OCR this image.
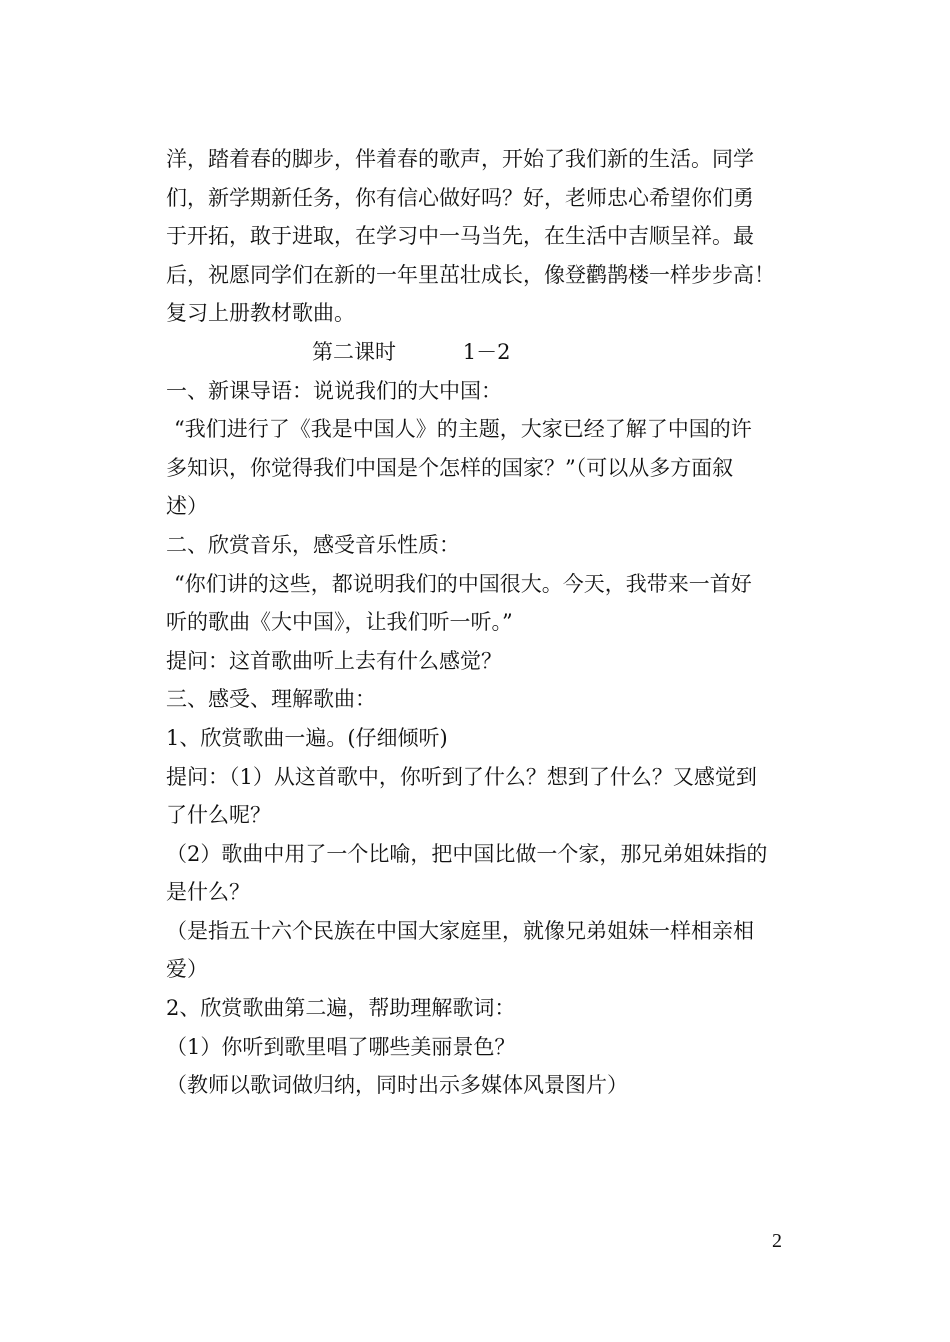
洋，踏着春的脚步，伴着春的歌声，开始了我们新的生活。同学
们，新学期新任务，你有信心做好吗？好，老师忠心希望你们勇
于开拓，敢于进取，在学习中一马当先，在生活中吉顺呈祥。最
后，祝愿同学们在新的一年里茁壮成长，像登鹳鹊楼一样步步高！
复习上册教材歌曲。
第二课时          1－2
一、新课导语：说说我们的大中国：
“我们进行了《我是中国人》的主题，大家已经了解了中国的许
多知识，你觉得我们中国是个怎样的国家？”（可以从多方面叙
述）
二、欣赏音乐，感受音乐性质：
“你们讲的这些，都说明我们的中国很大。今天，我带来一首好
听的歌曲《大中国》，让我们听一听。”
提问：这首歌曲听上去有什么感觉？
三、感受、理解歌曲：
1、欣赏歌曲一遍。(仔细倾听)
提问：（1）从这首歌中，你听到了什么？想到了什么？又感觉到
了什么呢？
（2）歌曲中用了一个比喻，把中国比做一个家，那兄弟姐妹指的
是什么？
（是指五十六个民族在中国大家庭里，就像兄弟姐妹一样相亲相
爱）
2、欣赏歌曲第二遍，帮助理解歌词：
（1）你听到歌里唱了哪些美丽景色？
（教师以歌词做归纳，同时出示多媒体风景图片）
2
